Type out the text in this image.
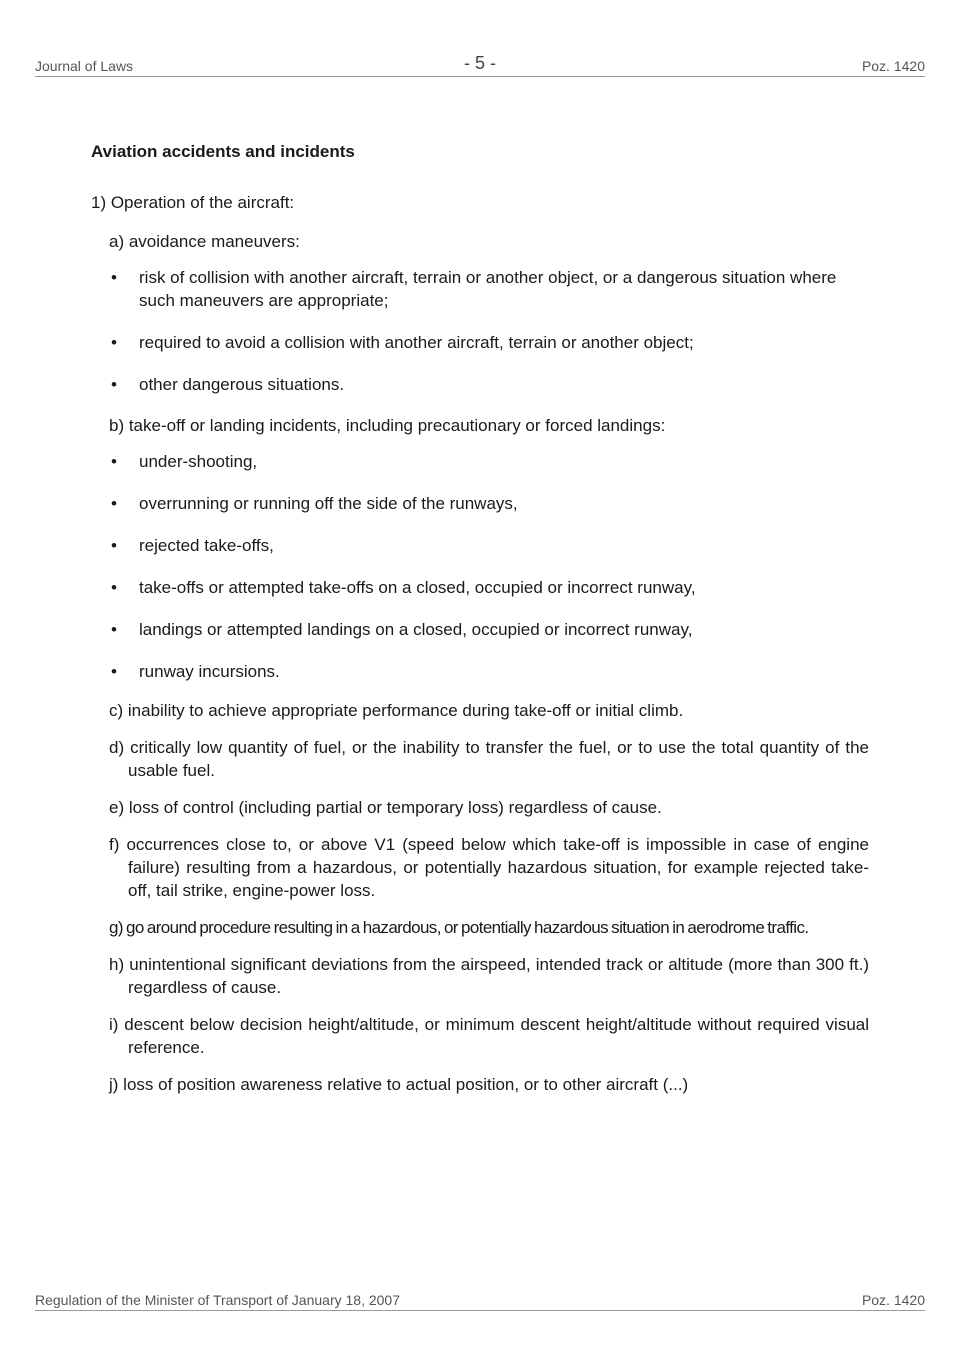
Journal of Laws	- 5 -	Poz. 1420

Aviation accidents and incidents

1) Operation of the aircraft:
a) avoidance maneuvers:
• risk of collision with another aircraft, terrain or another object, or a dangerous situation where such maneuvers are appropriate;
• required to avoid a collision with another aircraft, terrain or another object;
• other dangerous situations.
b) take-off or landing incidents, including precautionary or forced landings:
• under-shooting,
• overrunning or running off the side of the runways,
• rejected take-offs,
• take-offs or attempted take-offs on a closed, occupied or incorrect runway,
• landings or attempted landings on a closed, occupied or incorrect runway,
• runway incursions.
c) inability to achieve appropriate performance during take-off or initial climb.
d) critically low quantity of fuel, or the inability to transfer the fuel, or to use the total quantity of the usable fuel.
e) loss of control (including partial or temporary loss) regardless of cause.
f) occurrences close to, or above V1 (speed below which take-off is impossible in case of engine failure) resulting from a hazardous, or potentially hazardous situation, for example rejected take-off, tail strike, engine-power loss.
g) go around procedure resulting in a hazardous, or potentially hazardous situation in aerodrome traffic.
h) unintentional significant deviations from the airspeed, intended track or altitude (more than 300 ft.) regardless of cause.
i) descent below decision height/altitude, or minimum descent height/altitude without required visual reference.
j) loss of position awareness relative to actual position, or to other aircraft (...)
Regulation of the Minister of Transport of January 18, 2007	Poz. 1420
